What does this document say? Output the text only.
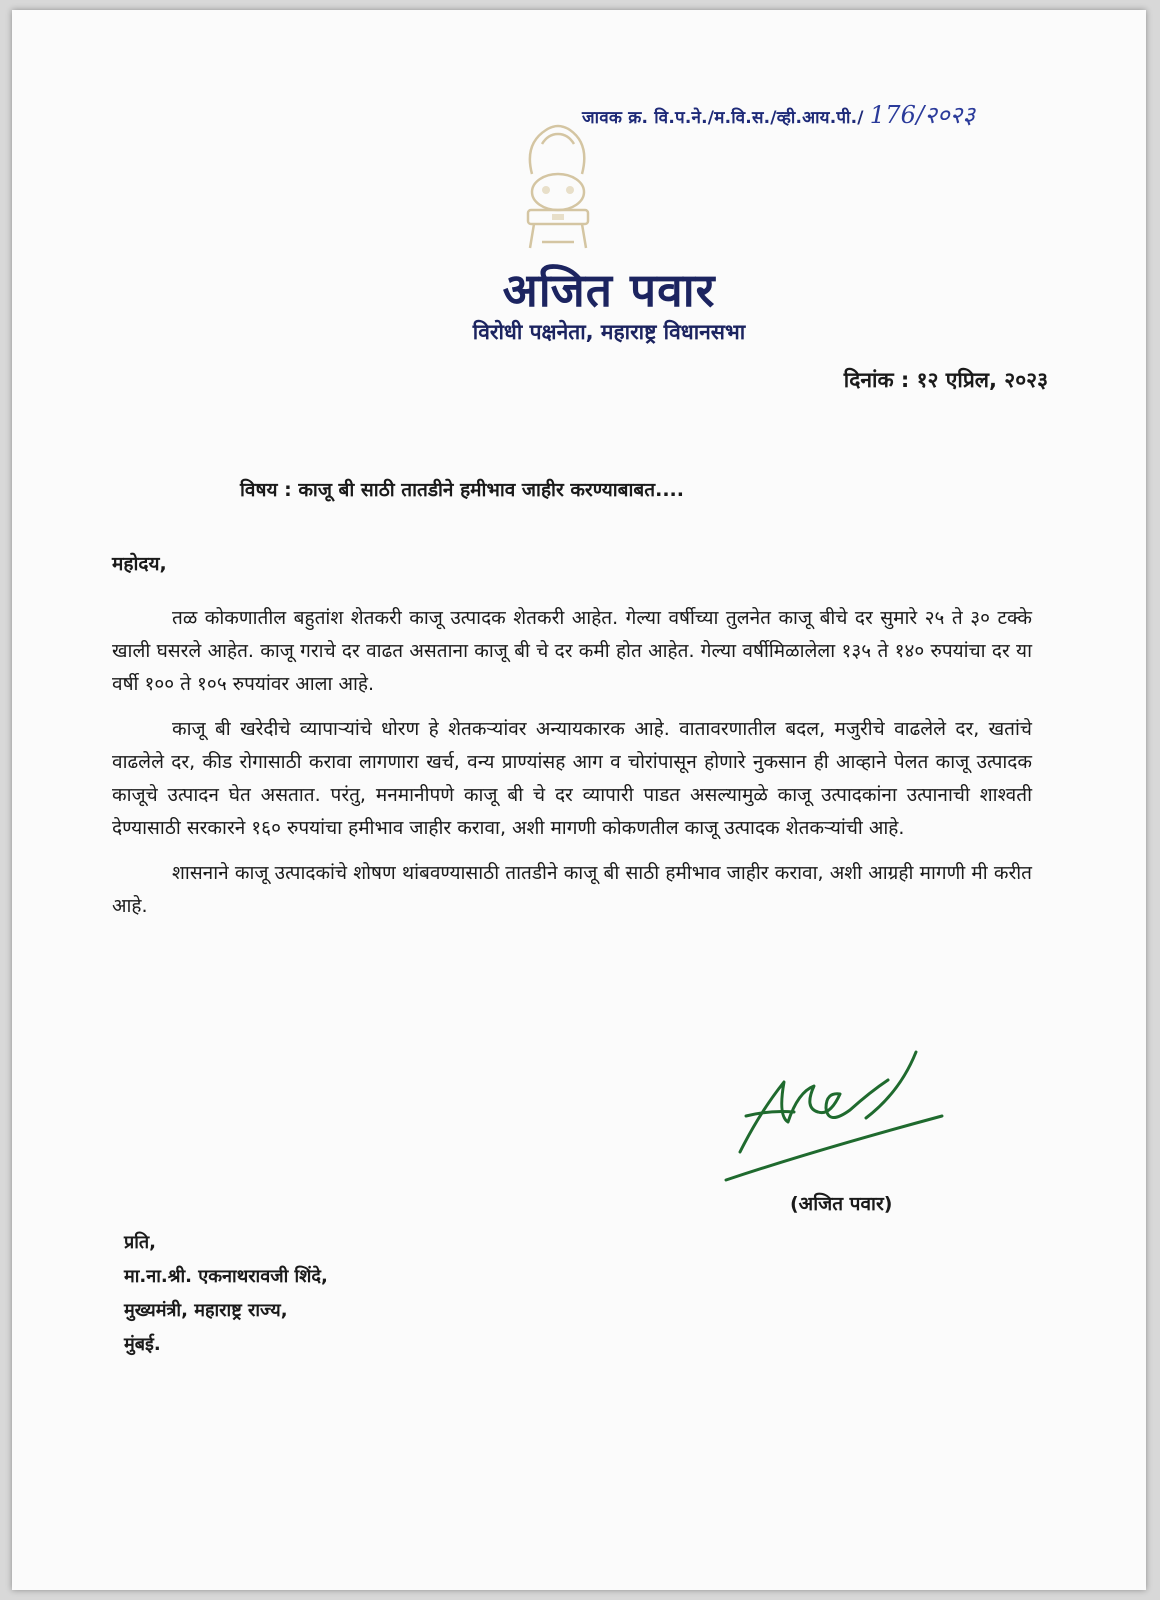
जावक क्र. वि.प.ने./म.वि.स./व्ही.आय.पी./ 176/२०२३
अजित पवार
विरोधी पक्षनेता, महाराष्ट्र विधानसभा
दिनांक : १२ एप्रिल, २०२३
विषय : काजू बी साठी तातडीने हमीभाव जाहीर करण्याबाबत....
महोदय,

तळ कोकणातील बहुतांश शेतकरी काजू उत्पादक शेतकरी आहेत. गेल्या वर्षीच्या तुलनेत काजू बीचे दर सुमारे २५ ते ३० टक्के खाली घसरले आहेत. काजू गराचे दर वाढत असताना काजू बी चे दर कमी होत आहेत. गेल्या वर्षीमिळालेला १३५ ते १४० रुपयांचा दर या वर्षी १०० ते १०५ रुपयांवर आला आहे.

काजू बी खरेदीचे व्यापाऱ्यांचे धोरण हे शेतकऱ्यांवर अन्यायकारक आहे. वातावरणातील बदल, मजुरीचे वाढलेले दर, खतांचे वाढलेले दर, कीड रोगासाठी करावा लागणारा खर्च, वन्य प्राण्यांसह आग व चोरांपासून होणारे नुकसान ही आव्हाने पेलत काजू उत्पादक काजूचे उत्पादन घेत असतात. परंतु, मनमानीपणे काजू बी चे दर व्यापारी पाडत असल्यामुळे काजू उत्पादकांना उत्पानाची शाश्वती देण्यासाठी सरकारने १६० रुपयांचा हमीभाव जाहीर करावा, अशी मागणी कोकणतील काजू उत्पादक शेतकऱ्यांची आहे.

शासनाने काजू उत्पादकांचे शोषण थांबवण्यासाठी तातडीने काजू बी साठी हमीभाव जाहीर करावा, अशी आग्रही मागणी मी करीत आहे.

(अजित पवार)
प्रति,
मा.ना.श्री. एकनाथरावजी शिंदे,
मुख्यमंत्री, महाराष्ट्र राज्य,
मुंबई.
